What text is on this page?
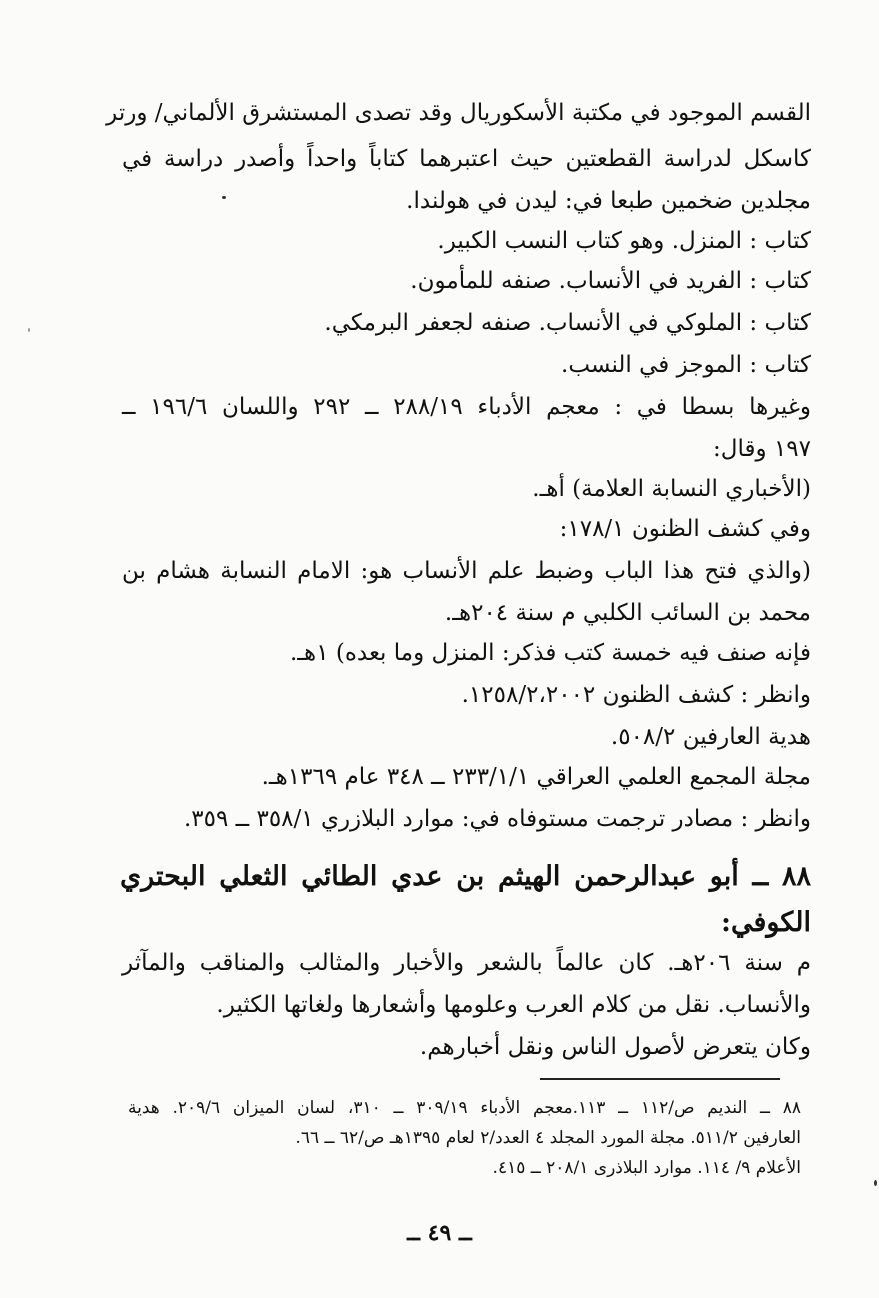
القسم الموجود في مكتبة الأسكوريال وقد تصدى المستشرق الألماني/ ورتر
كاسكل لدراسة القطعتين حيث اعتبرهما كتاباً واحداً وأصدر دراسة في
مجلدين ضخمين طبعا في: ليدن في هولندا.
كتاب : المنزل. وهو كتاب النسب الكبير.
كتاب : الفريد في الأنساب. صنفه للمأمون.
كتاب : الملوكي في الأنساب. صنفه لجعفر البرمكي.
كتاب : الموجز في النسب.
وغيرها بسطا في : معجم الأدباء ٢٨٨/١٩ ــ ٢٩٢ واللسان ١٩٦/٦ ــ
١٩٧ وقال:
(الأخباري النسابة العلامة) أهـ.
وفي كشف الظنون ١٧٨/١:
(والذي فتح هذا الباب وضبط علم الأنساب هو: الامام النسابة هشام بن
محمد بن السائب الكلبي م سنة ٢٠٤هـ.
فإنه صنف فيه خمسة كتب فذكر: المنزل وما بعده) ١هـ.
وانظر : كشف الظنون ١٢٥٨/٢،٢٠٠٢.
هدية العارفين ٥٠٨/٢.
مجلة المجمع العلمي العراقي ٢٣٣/١/١ ــ ٣٤٨ عام ١٣٦٩هـ.
وانظر : مصادر ترجمت مستوفاه في: موارد البلازري ٣٥٨/١ ــ ٣٥٩.
٨٨ ــ أبو عبدالرحمن الهيثم بن عدي الطائي الثعلي البحتري
الكوفي:
م سنة ٢٠٦هـ. كان عالماً بالشعر والأخبار والمثالب والمناقب والمآثر
والأنساب. نقل من كلام العرب وعلومها وأشعارها ولغاتها الكثير.
وكان يتعرض لأصول الناس ونقل أخبارهم.
٨٨ ــ النديم ص/١١٢ ــ ١١٣.معجم الأدباء ٣٠٩/١٩ ــ ٣١٠، لسان الميزان ٢٠٩/٦. هدية
العارفين ٥١١/٢. مجلة المورد المجلد ٤ العدد/٢ لعام ١٣٩٥هـ ص/٦٢ ــ ٦٦.
الأعلام ٩/ ١١٤. موارد البلاذرى ٢٠٨/١ ــ ٤١٥.
ــ ٤٩ ــ
